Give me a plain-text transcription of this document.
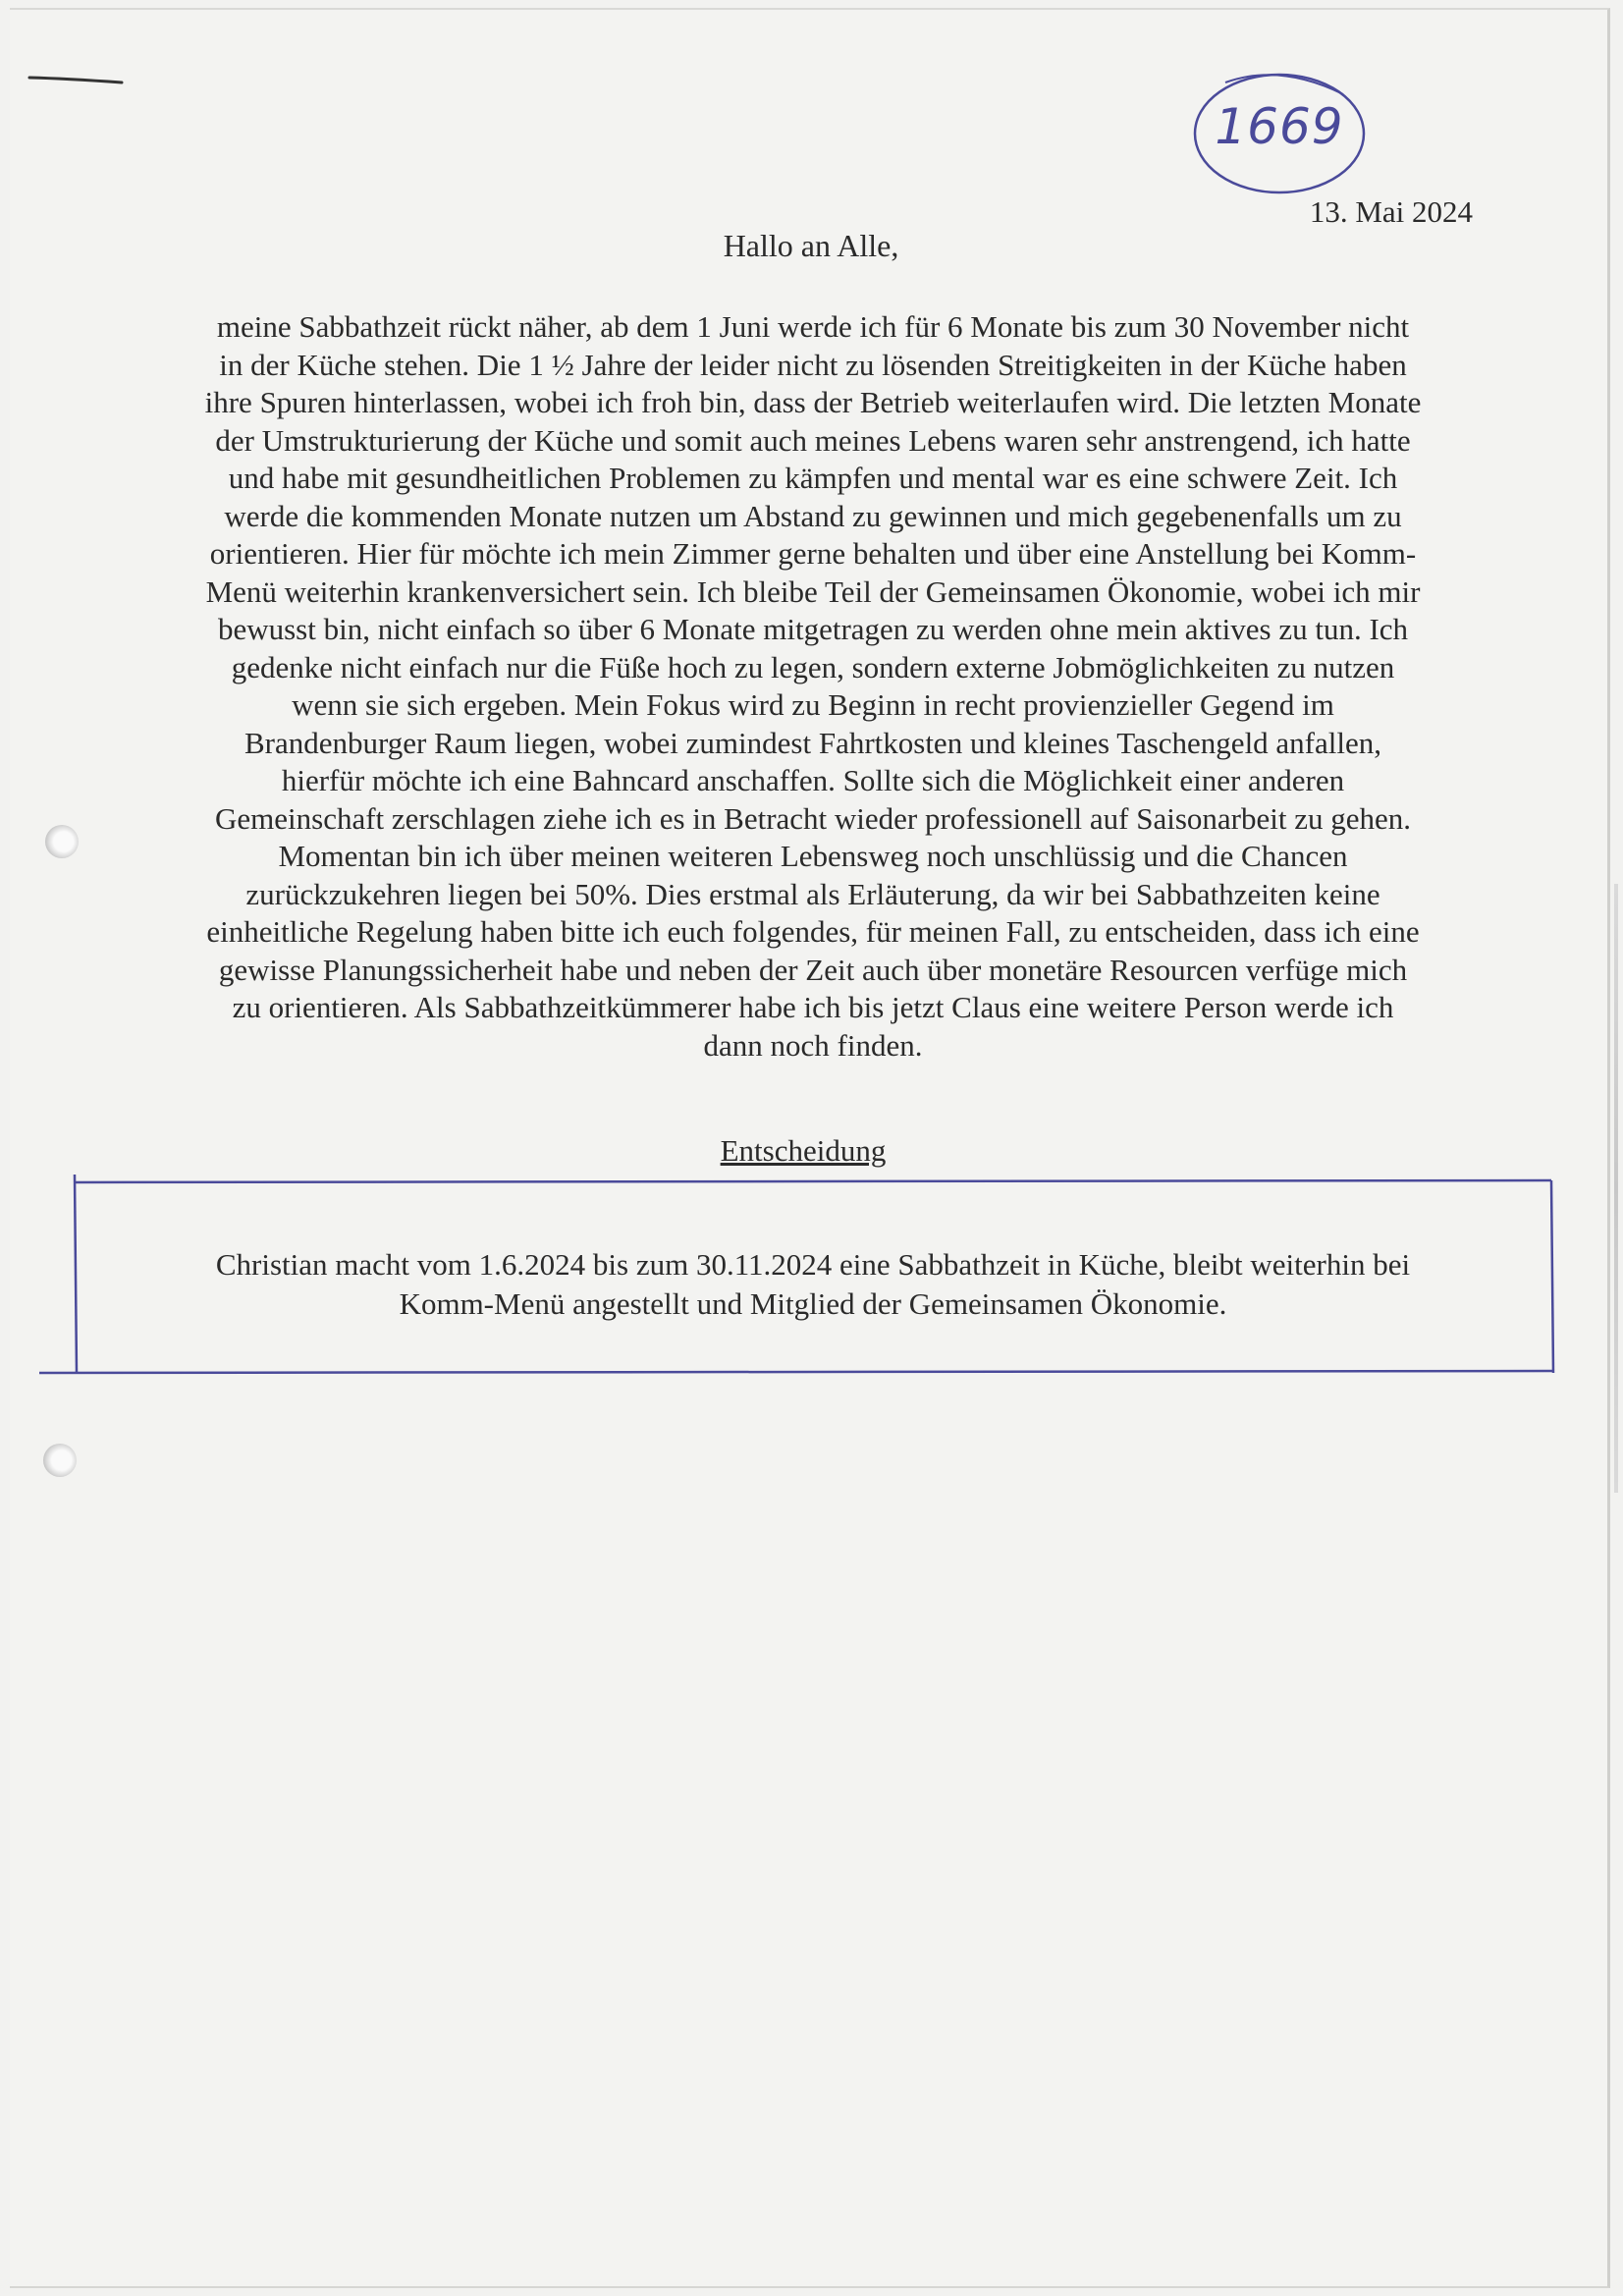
1669
13. Mai 2024
Hallo an Alle,
meine Sabbathzeit rückt näher, ab dem 1 Juni werde ich für 6 Monate bis zum 30 November nicht
in der Küche stehen. Die 1 ½ Jahre der leider nicht zu lösenden Streitigkeiten in der Küche haben
ihre Spuren hinterlassen, wobei ich froh bin, dass der Betrieb weiterlaufen wird. Die letzten Monate
der Umstrukturierung der Küche und somit auch meines Lebens waren sehr anstrengend, ich hatte
und habe mit gesundheitlichen Problemen zu kämpfen und mental war es eine schwere Zeit. Ich
werde die kommenden Monate nutzen um Abstand zu gewinnen und mich gegebenenfalls um zu
orientieren. Hier für möchte ich mein Zimmer gerne behalten und über eine Anstellung bei Komm-
Menü weiterhin krankenversichert sein. Ich bleibe Teil der Gemeinsamen Ökonomie, wobei ich mir
bewusst bin, nicht einfach so über 6 Monate mitgetragen zu werden ohne mein aktives zu tun. Ich
gedenke nicht einfach nur die Füße hoch zu legen, sondern externe Jobmöglichkeiten zu nutzen
wenn sie sich ergeben. Mein Fokus wird zu Beginn in recht provienzieller Gegend im
Brandenburger Raum liegen, wobei zumindest Fahrtkosten und kleines Taschengeld anfallen,
hierfür möchte ich eine Bahncard anschaffen. Sollte sich die Möglichkeit einer anderen
Gemeinschaft zerschlagen ziehe ich es in Betracht wieder professionell auf Saisonarbeit zu gehen.
Momentan bin ich über meinen weiteren Lebensweg noch unschlüssig und die Chancen
zurückzukehren liegen bei 50%. Dies erstmal als Erläuterung, da wir bei Sabbathzeiten keine
einheitliche Regelung haben bitte ich euch folgendes, für meinen Fall, zu entscheiden, dass ich eine
gewisse Planungssicherheit habe und neben der Zeit auch über monetäre Resourcen verfüge mich
zu orientieren. Als Sabbathzeitkümmerer habe ich bis jetzt Claus eine weitere Person werde ich
dann noch finden.
Entscheidung
Christian macht vom 1.6.2024 bis zum 30.11.2024 eine Sabbathzeit in Küche, bleibt weiterhin bei
Komm-Menü angestellt und Mitglied der Gemeinsamen Ökonomie.
